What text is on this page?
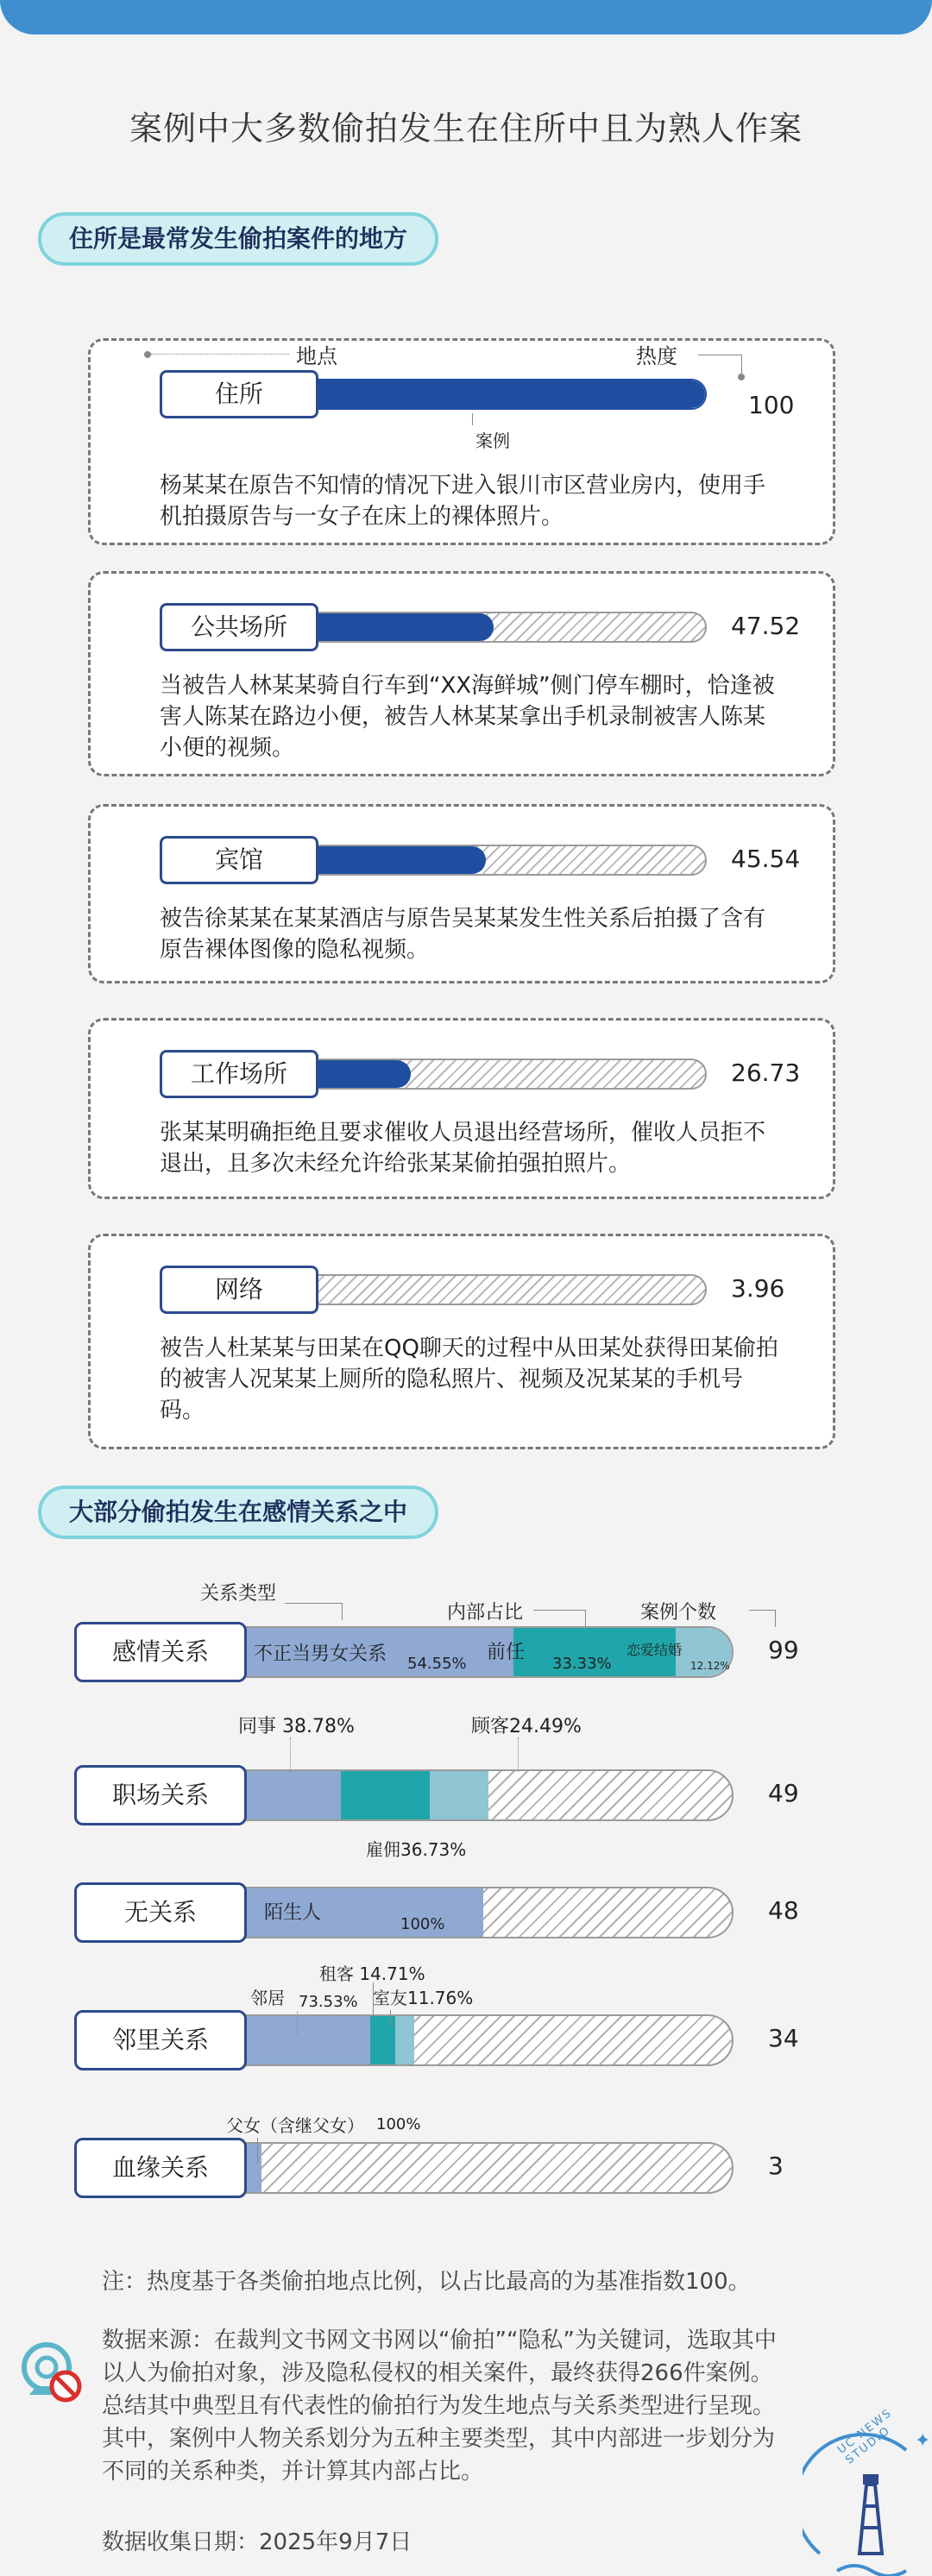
案例中大多数偷拍发生在住所中且为熟人作案
住所是最常发生偷拍案件的地方
住所	100
杨某某在原告不知情的情况下进入银川市区营业房内，使用手机拍摄原告与一女子在床上的裸体照片。
地点	热度
案例
公共场所	47.52
当被告人林某某骑自行车到“XX海鲜城”侧门停车棚时，恰逢被害人陈某在路边小便，被告人林某某拿出手机录制被害人陈某小便的视频。
宾馆	45.54
被告徐某某在某某酒店与原告吴某某发生性关系后拍摄了含有原告裸体图像的隐私视频。
工作场所	26.73
张某某明确拒绝且要求催收人员退出经营场所，催收人员拒不退出，且多次未经允许给张某某偷拍强拍照片。
网络	3.96
被告人杜某某与田某在QQ聊天的过程中从田某处获得田某偷拍的被害人况某某上厕所的隐私照片、视频及况某某的手机号码。
大部分偷拍发生在感情关系之中
关系类型
内部占比	案例个数
感情关系	99
职场关系	49
无关系	48
邻里关系	34
血缘关系	3
不正当男女关系 54.55%
前任
33.33%
恋爱结婚
12.12%
同事 38.78%	顾客24.49%
雇佣36.73%
陌生人
100%
租客 14.71%
邻居 73.53% 室友11.76%
父女（含继父女） 100%
注：热度基于各类偷拍地点比例，以占比最高的为基准指数100。
数据来源：在裁判文书网文书网以“偷拍”“隐私”为关键词，选取其中以人为偷拍对象，涉及隐私侵权的相关案件，最终获得266件案例。总结其中典型且有代表性的偷拍行为发生地点与关系类型进行呈现。其中，案例中人物关系划分为五种主要类型，其中内部进一步划分为不同的关系种类，并计算其内部占比。
数据收集日期：2025年9月7日
✦
UC NEWS STUDIO
